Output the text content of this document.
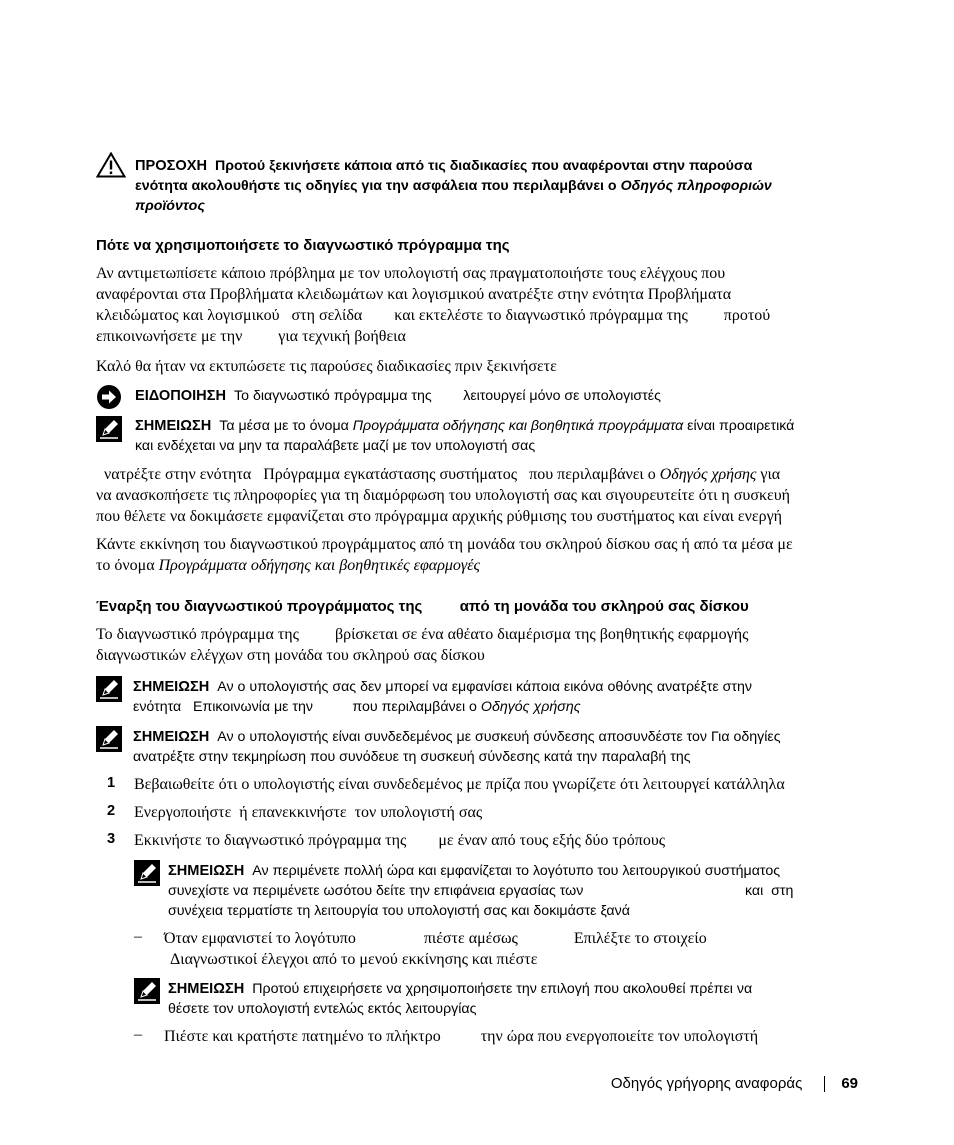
ΠΡΟΣΟΧΗ Προτού ξεκινήσετε κάποια από τις διαδικασίες που αναφέρονται στην παρούσα
ενότητα ακολουθήστε τις οδηγίες για την ασφάλεια που περιλαμβάνει ο Οδηγός πληροφοριών
προϊόντος
Πότε να χρησιμοποιήσετε το διαγνωστικό πρόγραμμα της
Αν αντιμετωπίσετε κάποιο πρόβλημα με τον υπολογιστή σας πραγματοποιήστε τους ελέγχους που
αναφέρονται στα Προβλήματα κλειδωμάτων και λογισμικού ανατρέξτε στην ενότητα Προβλήματα
κλειδώματος και λογισμικού   στη σελίδα        και εκτελέστε το διαγνωστικό πρόγραμμα της         προτού
επικοινωνήσετε με την         για τεχνική βοήθεια
Καλό θα ήταν να εκτυπώσετε τις παρούσες διαδικασίες πριν ξεκινήσετε
ΕΙΔΟΠΟΙΗΣΗ Το διαγνωστικό πρόγραμμα της        λειτουργεί μόνο σε υπολογιστές
ΣΗΜΕΙΩΣΗ Τα μέσα με το όνομα Προγράμματα οδήγησης και βοηθητικά προγράμματα είναι προαιρετικά
και ενδέχεται να μην τα παραλάβετε μαζί με τον υπολογιστή σας
νατρέξτε στην ενότητα   Πρόγραμμα εγκατάστασης συστήματος   που περιλαμβάνει ο Οδηγός χρήσης για
να ανασκοπήσετε τις πληροφορίες για τη διαμόρφωση του υπολογιστή σας και σιγουρευτείτε ότι η συσκευή
που θέλετε να δοκιμάσετε εμφανίζεται στο πρόγραμμα αρχικής ρύθμισης του συστήματος και είναι ενεργή
Κάντε εκκίνηση του διαγνωστικού προγράμματος από τη μονάδα του σκληρού δίσκου σας ή από τα μέσα με
το όνομα Προγράμματα οδήγησης και βοηθητικές εφαρμογές
Έναρξη του διαγνωστικού προγράμματος της         από τη μονάδα του σκληρού σας δίσκου
Το διαγνωστικό πρόγραμμα της         βρίσκεται σε ένα αθέατο διαμέρισμα της βοηθητικής εφαρμογής
διαγνωστικών ελέγχων στη μονάδα του σκληρού σας δίσκου
ΣΗΜΕΙΩΣΗ Αν ο υπολογιστής σας δεν μπορεί να εμφανίσει κάποια εικόνα οθόνης ανατρέξτε στην
ενότητα   Επικοινωνία με την          που περιλαμβάνει ο Οδηγός χρήσης
ΣΗΜΕΙΩΣΗ Αν ο υπολογιστής είναι συνδεδεμένος με συσκευή σύνδεσης αποσυνδέστε τον Για οδηγίες
ανατρέξτε στην τεκμηρίωση που συνόδευε τη συσκευή σύνδεσης κατά την παραλαβή της
1 Βεβαιωθείτε ότι ο υπολογιστής είναι συνδεδεμένος με πρίζα που γνωρίζετε ότι λειτουργεί κατάλληλα
2 Ενεργοποιήστε  ή επανεκκινήστε  τον υπολογιστή σας
3 Εκκινήστε το διαγνωστικό πρόγραμμα της        με έναν από τους εξής δύο τρόπους
ΣΗΜΕΙΩΣΗ Αν περιμένετε πολλή ώρα και εμφανίζεται το λογότυπο του λειτουργικού συστήματος
συνεχίστε να περιμένετε ωσότου δείτε την επιφάνεια εργασίας των                                         και  στη
συνέχεια τερματίστε τη λειτουργία του υπολογιστή σας και δοκιμάστε ξανά
– Όταν εμφανιστεί το λογότυπο                 πιέστε αμέσως              Επιλέξτε το στοιχείο
Διαγνωστικοί έλεγχοι από το μενού εκκίνησης και πιέστε
ΣΗΜΕΙΩΣΗ Προτού επιχειρήσετε να χρησιμοποιήσετε την επιλογή που ακολουθεί πρέπει να
θέσετε τον υπολογιστή εντελώς εκτός λειτουργίας
– Πιέστε και κρατήστε πατημένο το πλήκτρο          την ώρα που ενεργοποιείτε τον υπολογιστή
Οδηγός γρήγορης αναφοράς	69
